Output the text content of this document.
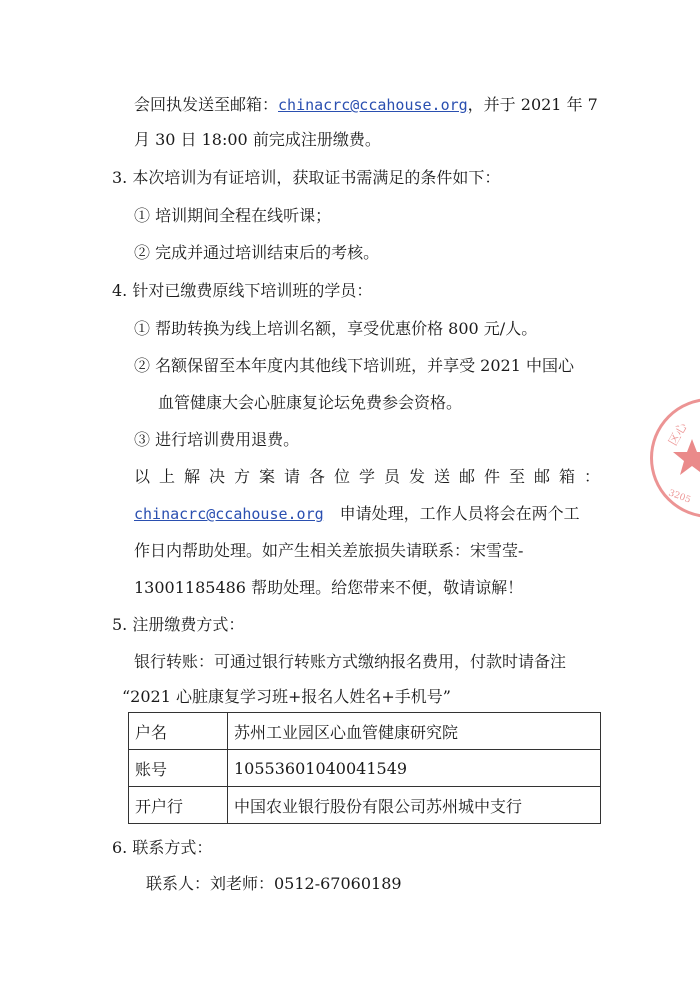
会回执发送至邮箱：chinacrc@ccahouse.org，并于 2021 年 7
月 30 日 18:00 前完成注册缴费。
3. 本次培训为有证培训，获取证书需满足的条件如下：
① 培训期间全程在线听课；
② 完成并通过培训结束后的考核。
4. 针对已缴费原线下培训班的学员：
① 帮助转换为线上培训名额，享受优惠价格 800 元/人。
② 名额保留至本年度内其他线下培训班，并享受 2021 中国心
血管健康大会心脏康复论坛免费参会资格。
③ 进行培训费用退费。
以上解决方案请各位学员发送邮件至邮箱：
chinacrc@ccahouse.org 申请处理，工作人员将会在两个工
作日内帮助处理。如产生相关差旅损失请联系：宋雪莹-
13001185486 帮助处理。给您带来不便，敬请谅解！
5. 注册缴费方式：
银行转账：可通过银行转账方式缴纳报名费用，付款时请备注
“2021 心脏康复学习班+报名人姓名+手机号”
户名	苏州工业园区心血管健康研究院
账号	10553601040041549
开户行	中国农业银行股份有限公司苏州城中支行
6. 联系方式：
联系人：刘老师：0512-67060189
区心
3205
